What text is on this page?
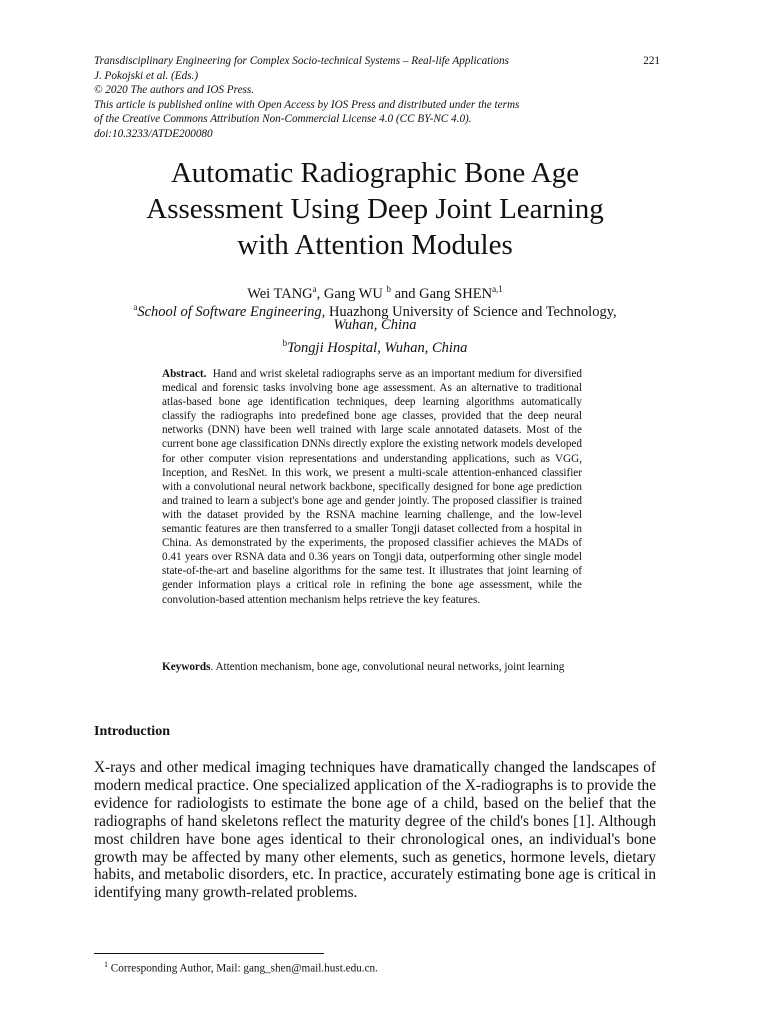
221
Transdisciplinary Engineering for Complex Socio-technical Systems – Real-life Applications
J. Pokojski et al. (Eds.)
© 2020 The authors and IOS Press.
This article is published online with Open Access by IOS Press and distributed under the terms
of the Creative Commons Attribution Non-Commercial License 4.0 (CC BY-NC 4.0).
doi:10.3233/ATDE200080
Automatic Radiographic Bone Age
Assessment Using Deep Joint Learning
with Attention Modules
Wei TANG$^a$, Gang WU $^b$ and Gang SHEN$^{a,1}$
$^a$School of Software Engineering, Huazhong University of Science and Technology,
Wuhan, China
$^b$Tongji Hospital, Wuhan, China
Abstract. Hand and wrist skeletal radiographs serve as an important medium for diversified medical and forensic tasks involving bone age assessment. As an alternative to traditional atlas-based bone age identification techniques, deep learning algorithms automatically classify the radiographs into predefined bone age classes, provided that the deep neural networks (DNN) have been well trained with large scale annotated datasets. Most of the current bone age classification DNNs directly explore the existing network models developed for other computer vision representations and understanding applications, such as VGG, Inception, and ResNet. In this work, we present a multi-scale attention-enhanced classifier with a convolutional neural network backbone, specifically designed for bone age prediction and trained to learn a subject's bone age and gender jointly. The proposed classifier is trained with the dataset provided by the RSNA machine learning challenge, and the low-level semantic features are then transferred to a smaller Tongji dataset collected from a hospital in China. As demonstrated by the experiments, the proposed classifier achieves the MADs of 0.41 years over RSNA data and 0.36 years on Tongji data, outperforming other single model state-of-the-art and baseline algorithms for the same test. It illustrates that joint learning of gender information plays a critical role in refining the bone age assessment, while the convolution-based attention mechanism helps retrieve the key features.
Keywords. Attention mechanism, bone age, convolutional neural networks, joint learning
Introduction
X-rays and other medical imaging techniques have dramatically changed the landscapes of modern medical practice. One specialized application of the X-radiographs is to provide the evidence for radiologists to estimate the bone age of a child, based on the belief that the radiographs of hand skeletons reflect the maturity degree of the child's bones [1]. Although most children have bone ages identical to their chronological ones, an individual's bone growth may be affected by many other elements, such as genetics, hormone levels, dietary habits, and metabolic disorders, etc. In practice, accurately estimating bone age is critical in identifying many growth-related problems.
$^1$ Corresponding Author, Mail: gang_shen@mail.hust.edu.cn.
